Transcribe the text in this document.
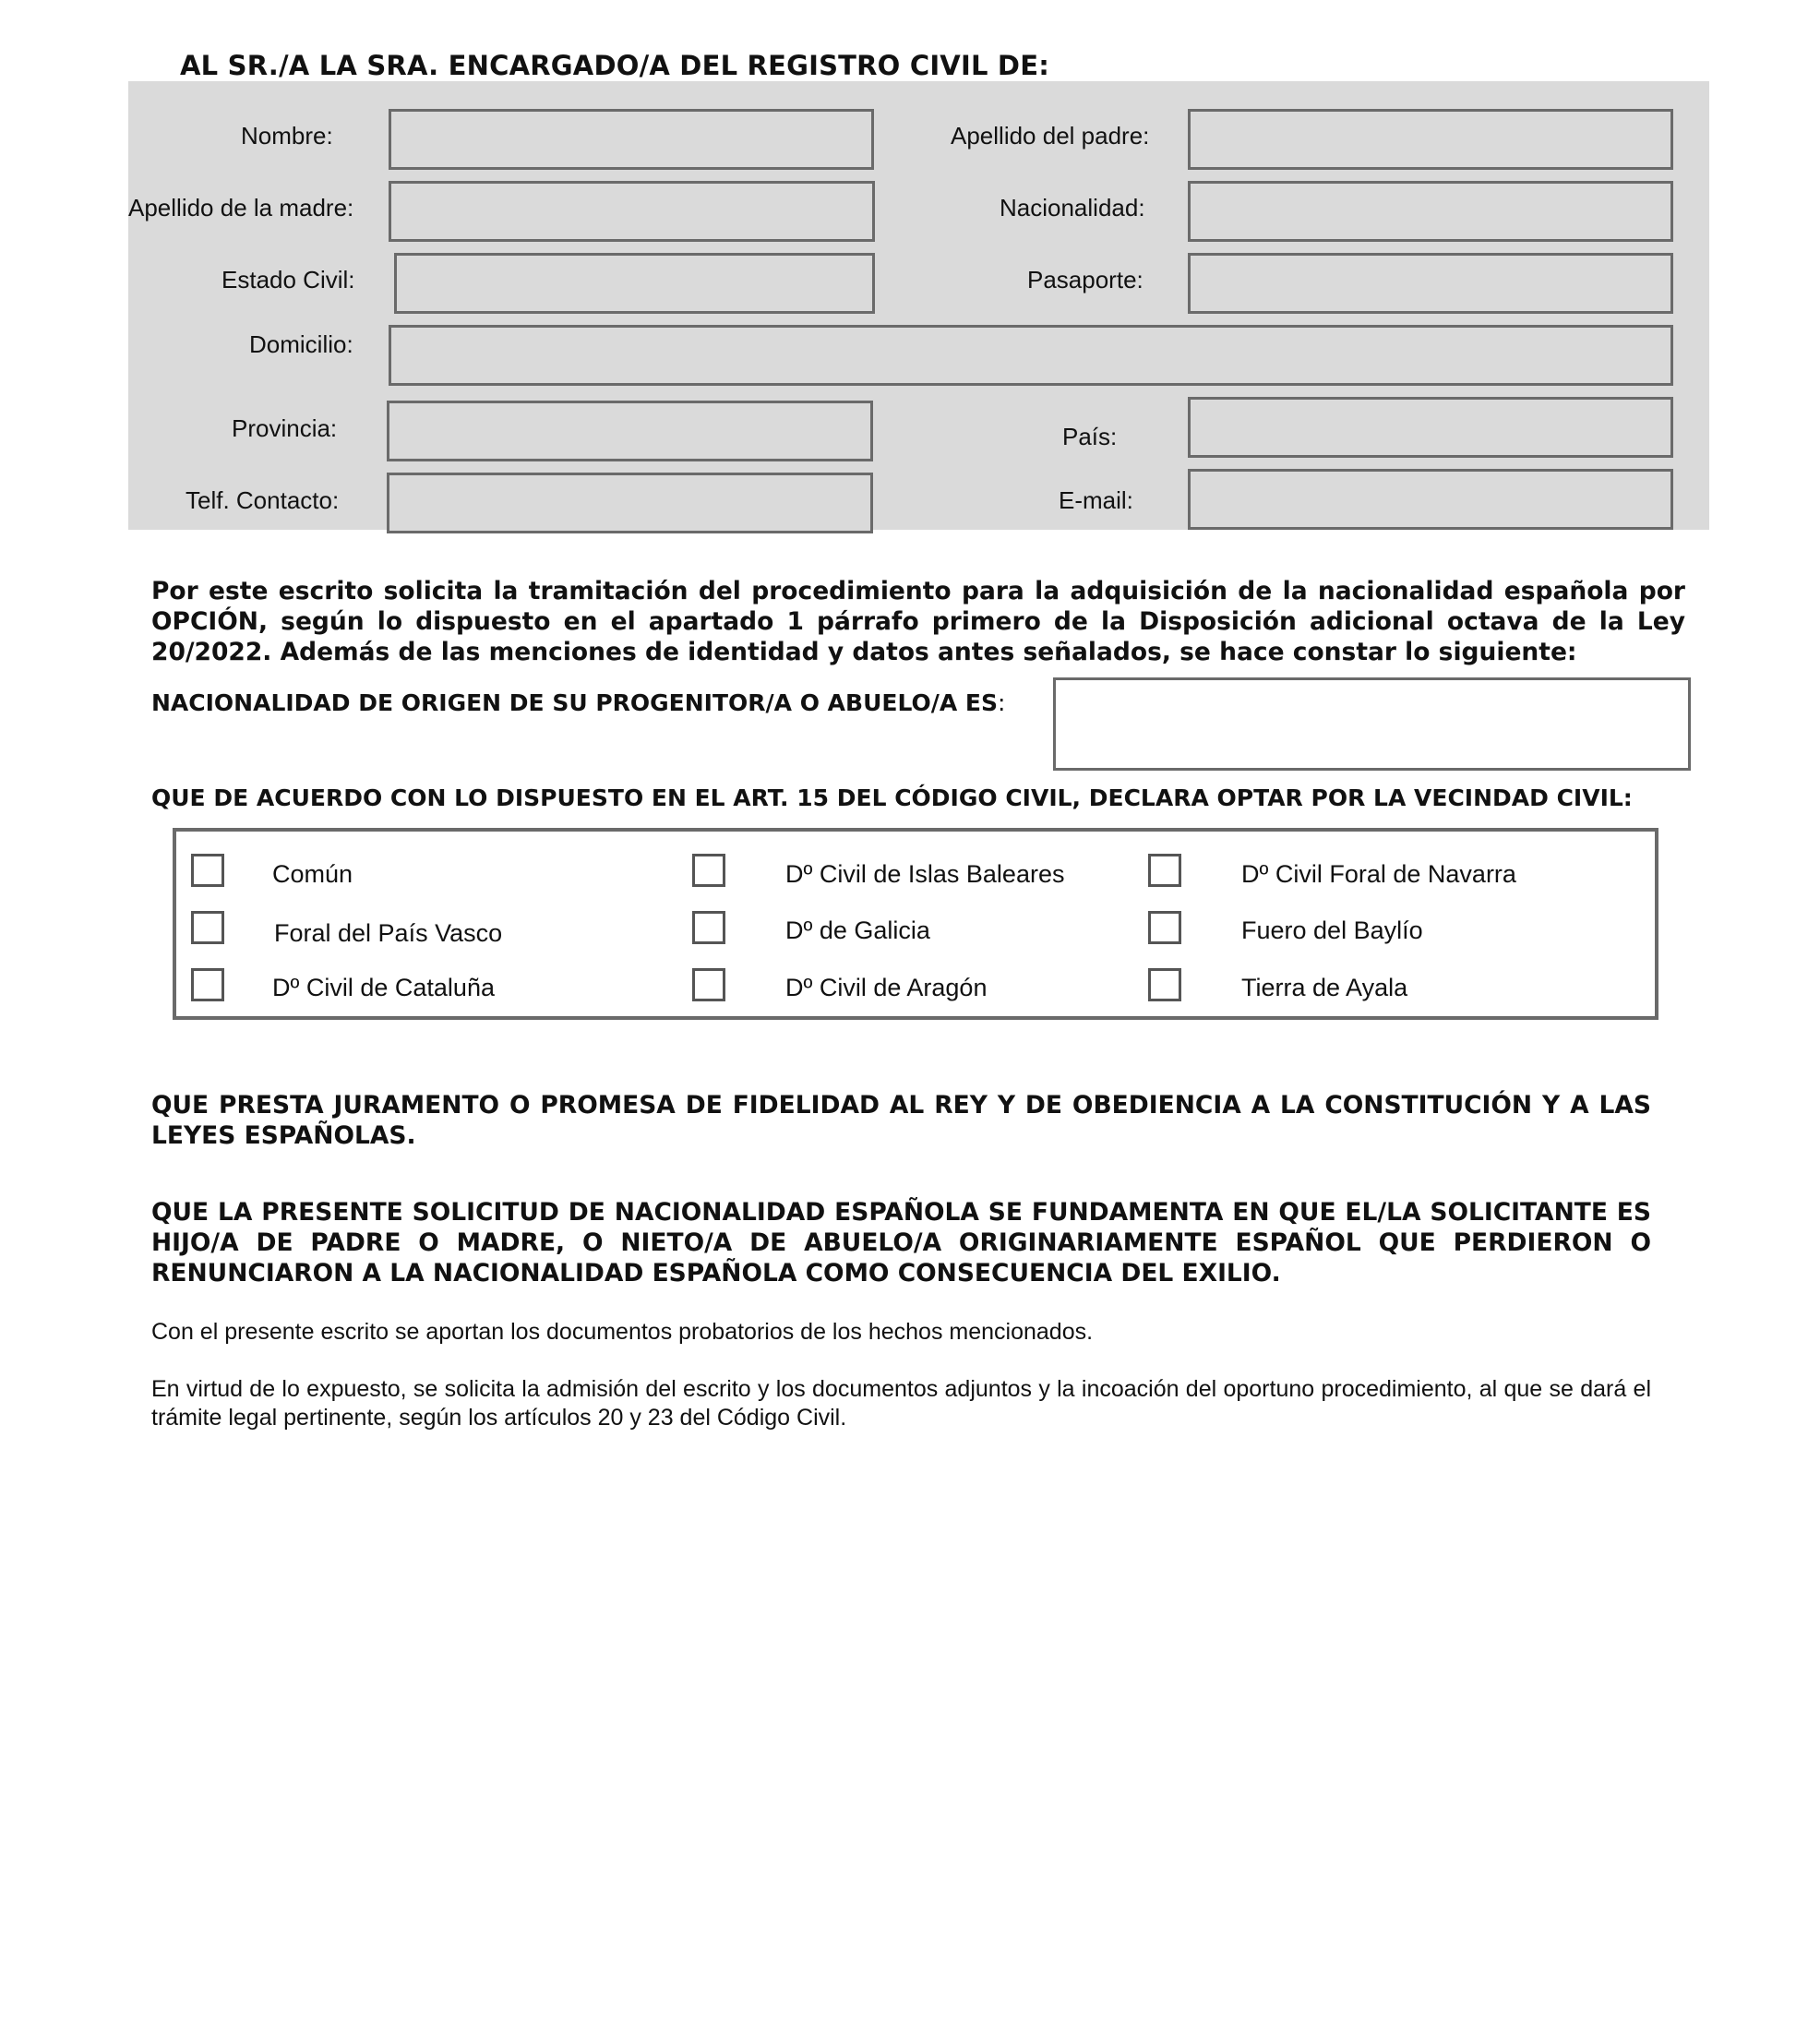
AL SR./A LA SRA. ENCARGADO/A DEL REGISTRO CIVIL DE:
Nombre:	Apellido del padre:
Apellido de la madre:	Nacionalidad:
Estado Civil:	Pasaporte:
Domicilio:
Provincia:	País:
Telf. Contacto:	E-mail:
Por este escrito solicita la tramitación del procedimiento para la adquisición de la nacionalidad española por OPCIÓN, según lo dispuesto en el apartado 1 párrafo primero de la Disposición adicional octava de la Ley 20/2022. Además de las menciones de identidad y datos antes señalados, se hace constar lo siguiente:
NACIONALIDAD DE ORIGEN DE SU PROGENITOR/A O ABUELO/A ES:
QUE DE ACUERDO CON LO DISPUESTO EN EL ART. 15 DEL CÓDIGO CIVIL, DECLARA OPTAR POR LA VECINDAD CIVIL:
Común	Dº Civil de Islas Baleares	Dº Civil Foral de Navarra
Foral del País Vasco	Dº de Galicia	Fuero del Baylío
Dº Civil de Cataluña	Dº Civil de Aragón	Tierra de Ayala
QUE PRESTA JURAMENTO O PROMESA DE FIDELIDAD AL REY Y DE OBEDIENCIA A LA CONSTITUCIÓN Y A LAS LEYES ESPAÑOLAS.
QUE LA PRESENTE SOLICITUD DE NACIONALIDAD ESPAÑOLA SE FUNDAMENTA EN QUE EL/LA SOLICITANTE ES HIJO/A DE PADRE O MADRE, O NIETO/A DE ABUELO/A ORIGINARIAMENTE ESPAÑOL QUE PERDIERON O RENUNCIARON A LA NACIONALIDAD ESPAÑOLA COMO CONSECUENCIA DEL EXILIO.
Con el presente escrito se aportan los documentos probatorios de los hechos mencionados.
En virtud de lo expuesto, se solicita la admisión del escrito y los documentos adjuntos y la incoación del oportuno procedimiento, al que se dará el trámite legal pertinente, según los artículos 20 y 23 del Código Civil.
